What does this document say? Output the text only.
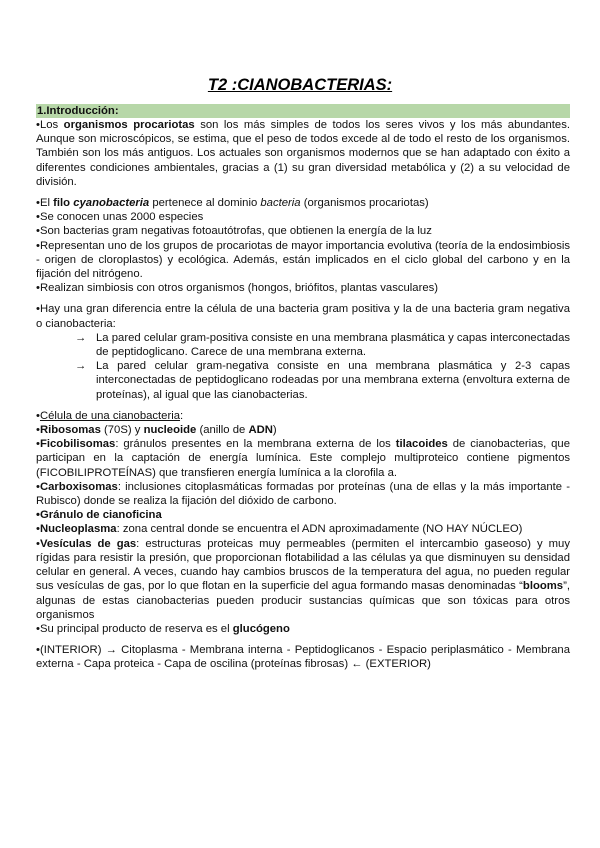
T2 :CIANOBACTERIAS:
1.Introducción:

•Los organismos procariotas son los más simples de todos los seres vivos y los más abundantes. Aunque son microscópicos, se estima, que el peso de todos excede al de todo el resto de los organismos. También son los más antiguos. Los actuales son organismos modernos que se han adaptado con éxito a diferentes condiciones ambientales, gracias a (1) su gran diversidad metabólica y (2) a su velocidad de división.

•El filo cyanobacteria pertenece al dominio bacteria (organismos procariotas)

•Se conocen unas 2000 especies

•Son bacterias gram negativas fotoautótrofas, que obtienen la energía de la luz

•Representan uno de los grupos de procariotas de mayor importancia evolutiva (teoría de la endosimbiosis - origen de cloroplastos) y ecológica. Además, están implicados en el ciclo global del carbono y en la fijación del nitrógeno.

•Realizan simbiosis con otros organismos (hongos, briófitos, plantas vasculares)

•Hay una gran diferencia entre la célula de una bacteria gram positiva y la de una bacteria gram negativa o cianobacteria:

→ La pared celular gram-positiva consiste en una membrana plasmática y capas interconectadas de peptidoglicano. Carece de una membrana externa.

→ La pared celular gram-negativa consiste en una membrana plasmática y 2-3 capas interconectadas de peptidoglicano rodeadas por una membrana externa (envoltura externa de proteínas), al igual que las cianobacterias.

•Célula de una cianobacteria:

•Ribosomas (70S) y nucleoide (anillo de ADN)

•Ficobilisomas: gránulos presentes en la membrana externa de los tilacoides de cianobacterias, que participan en la captación de energía lumínica. Este complejo multiproteico contiene pigmentos (FICOBILIPROTEÍNAS) que transfieren energía lumínica a la clorofila a.

•Carboxisomas: inclusiones citoplasmáticas formadas por proteínas (una de ellas y la más importante - Rubisco) donde se realiza la fijación del dióxido de carbono.

•Gránulo de cianoficina

•Nucleoplasma: zona central donde se encuentra el ADN aproximadamente (NO HAY NÚCLEO)

•Vesículas de gas: estructuras proteicas muy permeables (permiten el intercambio gaseoso) y muy rígidas para resistir la presión, que proporcionan flotabilidad a las células ya que disminuyen su densidad celular en general. A veces, cuando hay cambios bruscos de la temperatura del agua, no pueden regular sus vesículas de gas, por lo que flotan en la superficie del agua formando masas denominadas “blooms”, algunas de estas cianobacterias pueden producir sustancias químicas que son tóxicas para otros organismos

•Su principal producto de reserva es el glucógeno

•(INTERIOR) → Citoplasma - Membrana interna - Peptidoglicanos - Espacio periplasmático - Membrana externa - Capa proteica - Capa de oscilina (proteínas fibrosas) ← (EXTERIOR)
